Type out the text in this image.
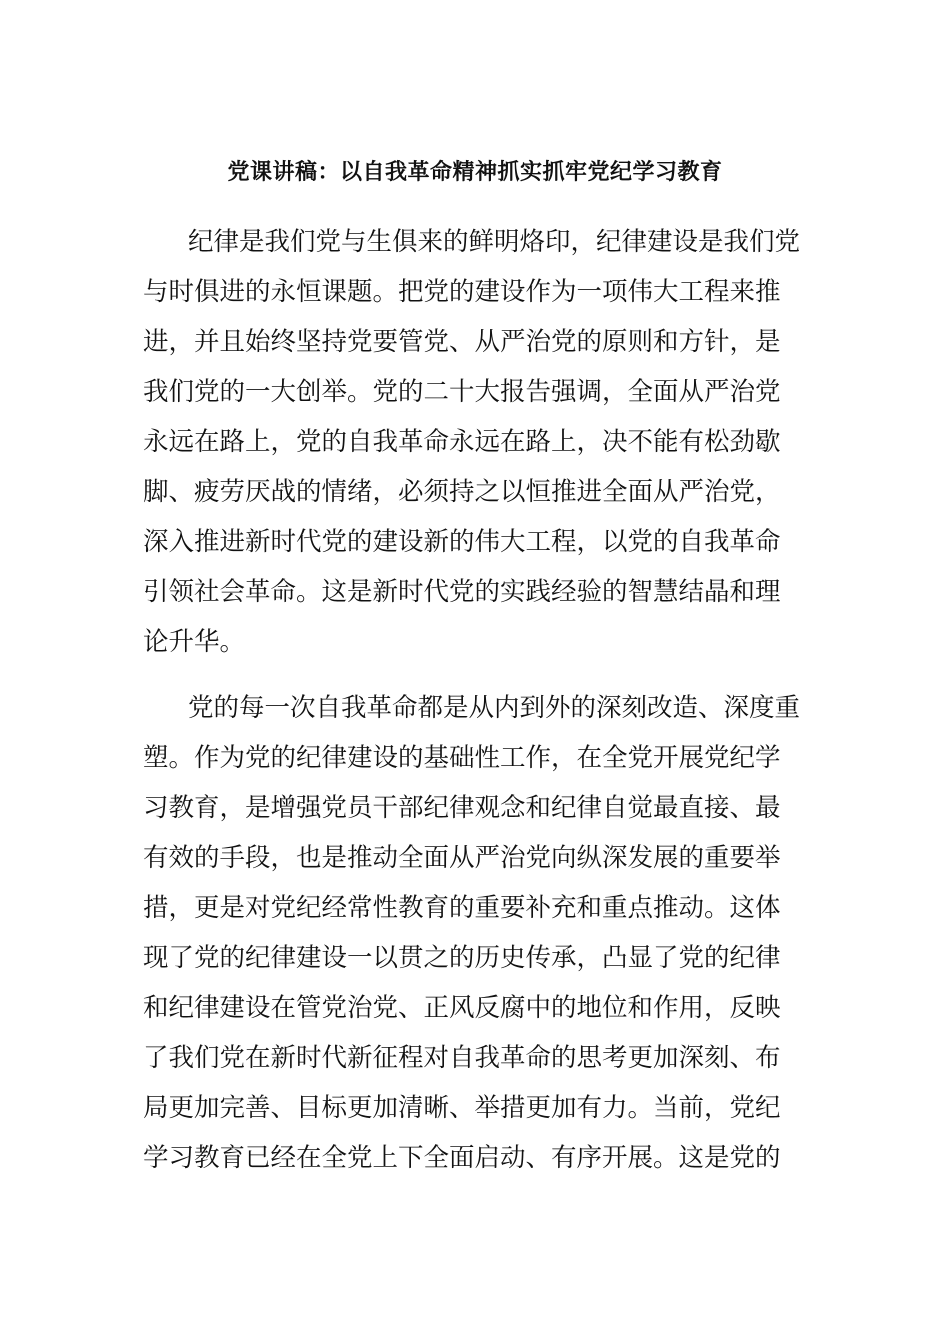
党课讲稿：以自我革命精神抓实抓牢党纪学习教育
纪律是我们党与生俱来的鲜明烙印，纪律建设是我们党
与时俱进的永恒课题。把党的建设作为一项伟大工程来推
进，并且始终坚持党要管党、从严治党的原则和方针，是
我们党的一大创举。党的二十大报告强调，全面从严治党
永远在路上，党的自我革命永远在路上，决不能有松劲歇
脚、疲劳厌战的情绪，必须持之以恒推进全面从严治党，
深入推进新时代党的建设新的伟大工程，以党的自我革命
引领社会革命。这是新时代党的实践经验的智慧结晶和理
论升华。
党的每一次自我革命都是从内到外的深刻改造、深度重
塑。作为党的纪律建设的基础性工作，在全党开展党纪学
习教育，是增强党员干部纪律观念和纪律自觉最直接、最
有效的手段，也是推动全面从严治党向纵深发展的重要举
措，更是对党纪经常性教育的重要补充和重点推动。这体
现了党的纪律建设一以贯之的历史传承，凸显了党的纪律
和纪律建设在管党治党、正风反腐中的地位和作用，反映
了我们党在新时代新征程对自我革命的思考更加深刻、布
局更加完善、目标更加清晰、举措更加有力。当前，党纪
学习教育已经在全党上下全面启动、有序开展。这是党的
